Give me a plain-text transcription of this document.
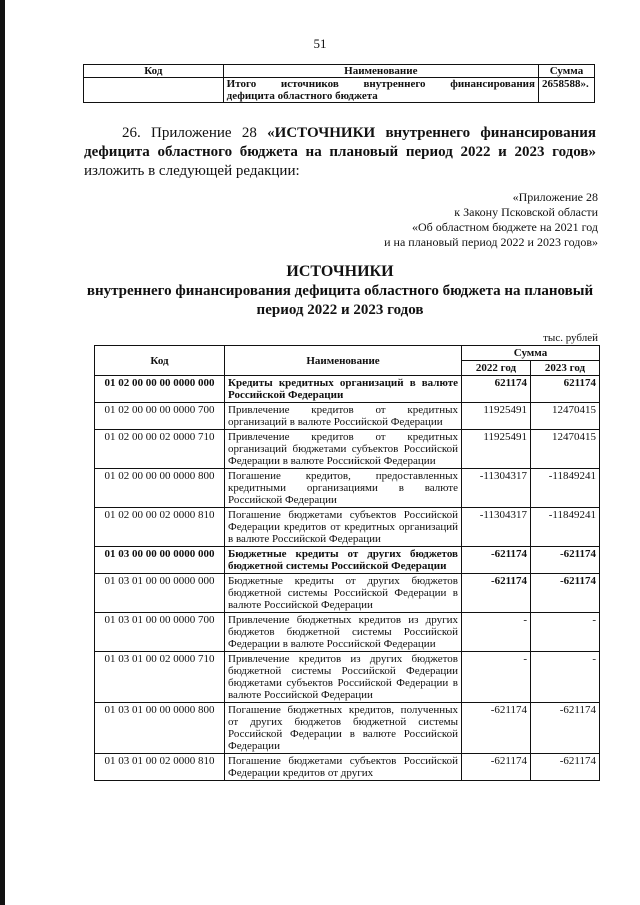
51
Код	Наименование	Сумма

	Итого источников внутреннего финансирования
дефицита областного бюджета	2658588».
26. Приложение 28 «ИСТОЧНИКИ внутреннего финансирования дефицита областного бюджета на плановый период 2022 и 2023 годов» изложить в следующей редакции:
«Приложение 28
к Закону Псковской области
«Об областном бюджете на 2021 год
и на плановый период 2022 и 2023 годов»
ИСТОЧНИКИ
внутреннего финансирования дефицита областного бюджета на плановый
период 2022 и 2023 годов
тыс. рублей
Код	Наименование	Сумма	
		2022 год	2023 год
01 02 00 00 00 0000 000	Кредиты кредитных организаций в валюте Российской Федерации	621174	621174
01 02 00 00 00 0000 700	Привлечение кредитов от кредитных организаций в валюте Российской Федерации	11925491	12470415
01 02 00 00 02 0000 710	Привлечение кредитов от кредитных организаций бюджетами субъектов Российской Федерации в валюте Российской Федерации	11925491	12470415
01 02 00 00 00 0000 800	Погашение кредитов, предоставленных кредитными организациями в валюте Российской Федерации	-11304317	-11849241
01 02 00 00 02 0000 810	Погашение бюджетами субъектов Российской Федерации кредитов от кредитных организаций в валюте Российской Федерации	-11304317	-11849241
01 03 00 00 00 0000 000	Бюджетные кредиты от других бюджетов бюджетной системы Российской Федерации	-621174	-621174
01 03 01 00 00 0000 000	Бюджетные кредиты от других бюджетов бюджетной системы Российской Федерации в валюте Российской Федерации	-621174	-621174
01 03 01 00 00 0000 700	Привлечение бюджетных кредитов из других бюджетов бюджетной системы Российской Федерации в валюте Российской Федерации	-	-
01 03 01 00 02 0000 710	Привлечение кредитов из других бюджетов бюджетной системы Российской Федерации бюджетами субъектов Российской Федерации в валюте Российской Федерации	-	-
01 03 01 00 00 0000 800	Погашение бюджетных кредитов, полученных от других бюджетов бюджетной системы Российской Федерации в валюте Российской Федерации	-621174	-621174
01 03 01 00 02 0000 810	Погашение бюджетами субъектов Российской Федерации кредитов от других	-621174	-621174
